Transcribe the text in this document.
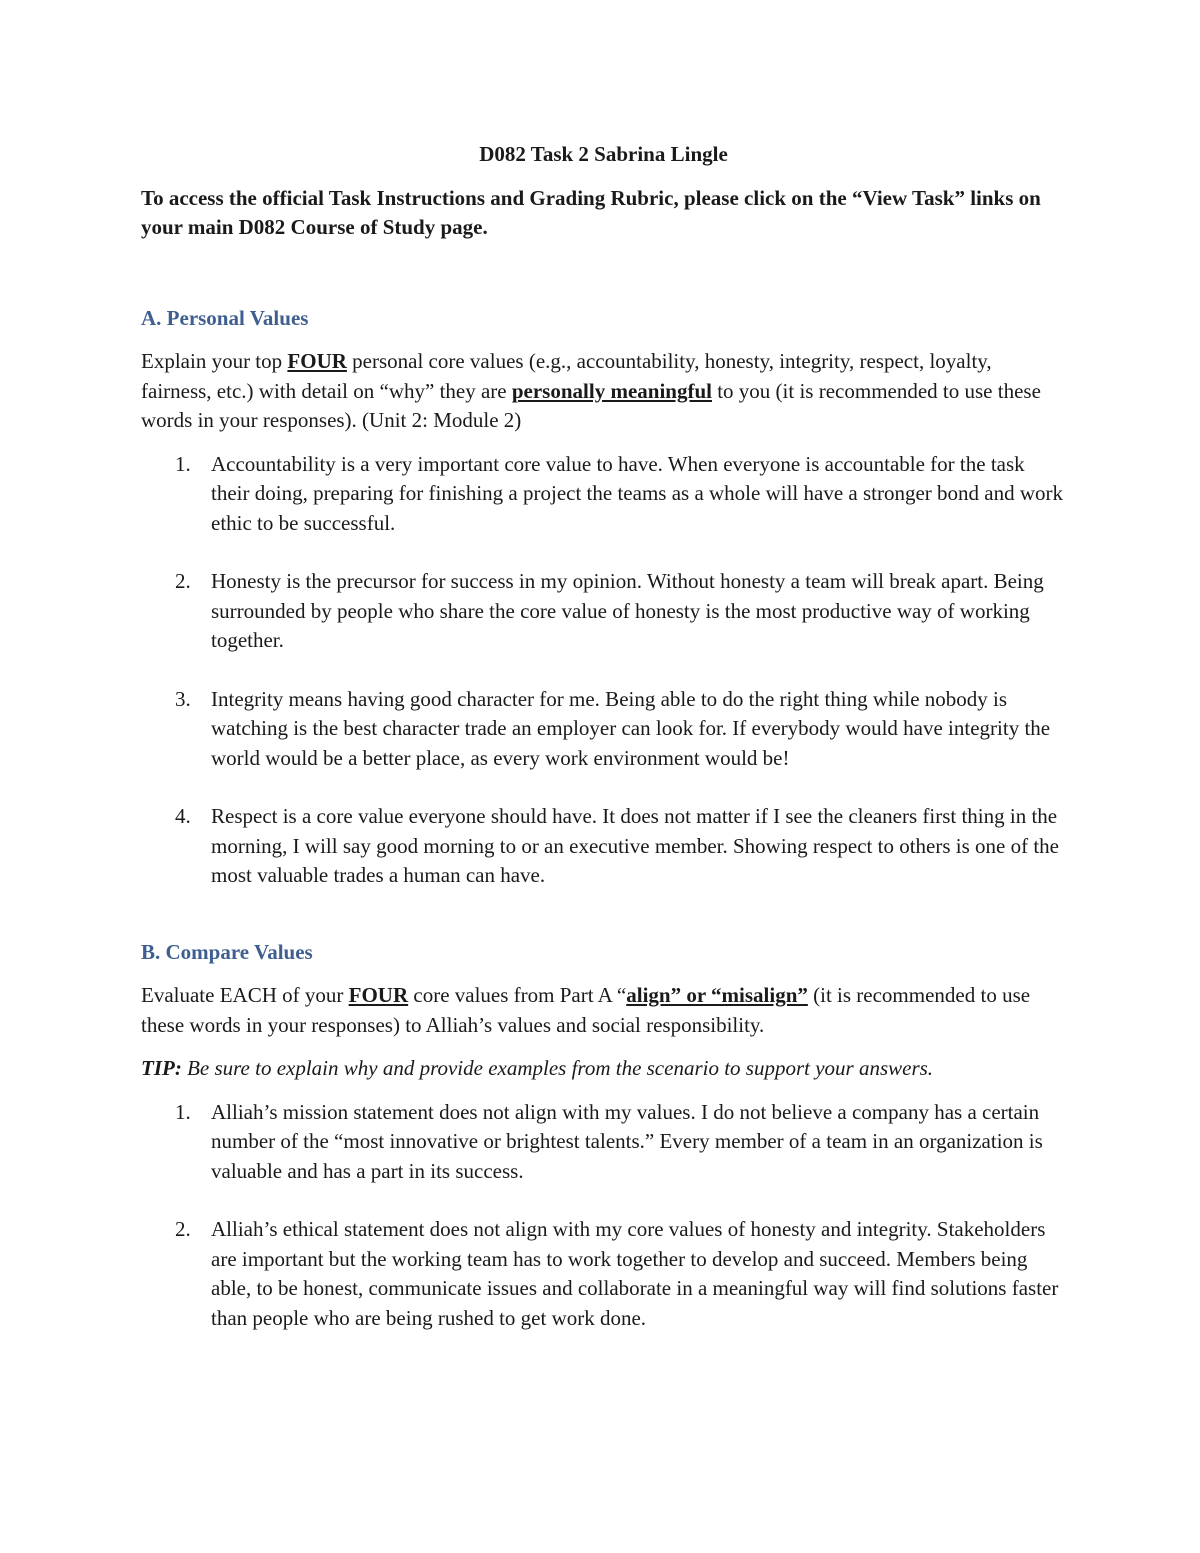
D082 Task 2 Sabrina Lingle

To access the official Task Instructions and Grading Rubric, please click on the “View Task” links on your main D082 Course of Study page.

A. Personal Values

Explain your top FOUR personal core values (e.g., accountability, honesty, integrity, respect, loyalty, fairness, etc.) with detail on “why” they are personally meaningful to you (it is recommended to use these words in your responses). (Unit 2: Module 2)

1. Accountability is a very important core value to have. When everyone is accountable for the task their doing, preparing for finishing a project the teams as a whole will have a stronger bond and work ethic to be successful.
2. Honesty is the precursor for success in my opinion. Without honesty a team will break apart. Being surrounded by people who share the core value of honesty is the most productive way of working together.
3. Integrity means having good character for me. Being able to do the right thing while nobody is watching is the best character trade an employer can look for. If everybody would have integrity the world would be a better place, as every work environment would be!
4. Respect is a core value everyone should have. It does not matter if I see the cleaners first thing in the morning, I will say good morning to or an executive member. Showing respect to others is one of the most valuable trades a human can have.
B. Compare Values

Evaluate EACH of your FOUR core values from Part A “align” or “misalign” (it is recommended to use these words in your responses) to Alliah’s values and social responsibility.

TIP: Be sure to explain why and provide examples from the scenario to support your answers.

1. Alliah’s mission statement does not align with my values. I do not believe a company has a certain number of the “most innovative or brightest talents.” Every member of a team in an organization is valuable and has a part in its success.
2. Alliah’s ethical statement does not align with my core values of honesty and integrity. Stakeholders are important but the working team has to work together to develop and succeed. Members being able, to be honest, communicate issues and collaborate in a meaningful way will find solutions faster than people who are being rushed to get work done.
